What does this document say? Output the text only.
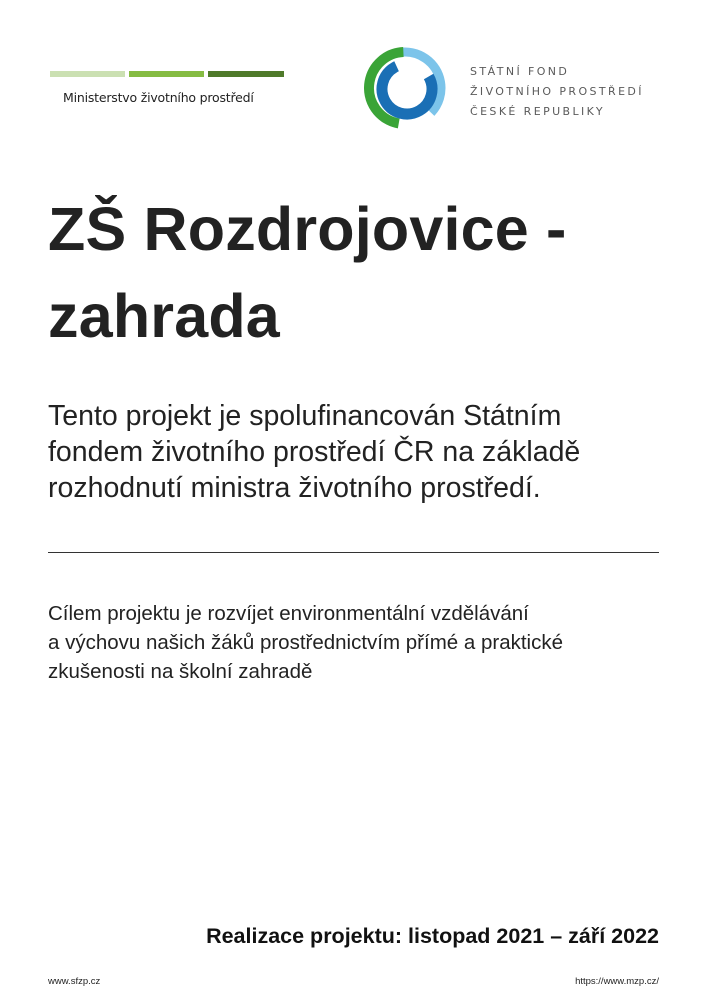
Ministerstvo životního prostředí
STÁTNÍ FOND
ŽIVOTNÍHO PROSTŘEDÍ
ČESKÉ REPUBLIKY
ZŠ Rozdrojovice -
zahrada
Tento projekt je spolufinancován Státním
fondem životního prostředí ČR na základě
rozhodnutí ministra životního prostředí.
Cílem projektu je rozvíjet environmentální vzdělávání
a výchovu našich žáků prostřednictvím přímé a praktické
zkušenosti na školní zahradě
Realizace projektu: listopad 2021 – září 2022
www.sfzp.cz	https://www.mzp.cz/
